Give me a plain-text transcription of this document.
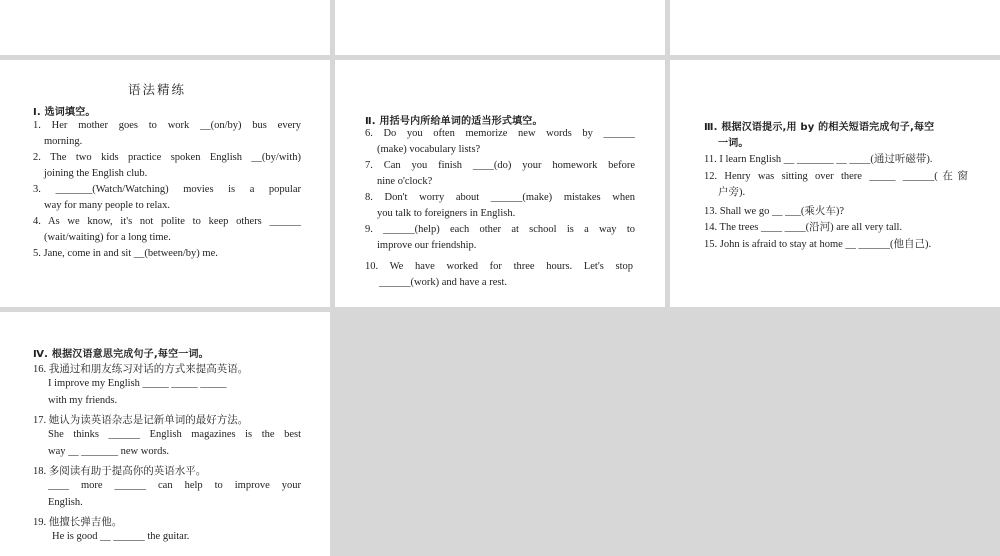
语法精练
Ⅰ. 选词填空。
1. Her mother goes to work __(on/by) bus every
morning.
2. The two kids practice spoken English __(by/with)
joining the English club.
3. _______(Watch/Watching) movies is a popular
way for many people to relax.
4. As we know, it's not polite to keep others ______
(wait/waiting) for a long time.
5. Jane, come in and sit __(between/by) me.
Ⅱ. 用括号内所给单词的适当形式填空。
6. Do you often memorize new words by ______
(make) vocabulary lists?
7. Can you finish ____(do) your homework before
nine o'clock?
8. Don't worry about ______(make) mistakes when
you talk to foreigners in English.
9. ______(help) each other at school is a way to
improve our friendship.
10. We have worked for three hours. Let's stop
______(work) and have a rest.
Ⅲ. 根据汉语提示,用 by 的相关短语完成句子,每空
一词。
11. I learn English __ _______ __ ____(通过听磁带).
12. Henry was sitting over there _____ ______(在窗
户旁).
13. Shall we go __ ___(乘火车)?
14. The trees ____ ____(沿河) are all very tall.
15. John is afraid to stay at home __ ______(他自己).
Ⅳ. 根据汉语意思完成句子,每空一词。
16. 我通过和朋友练习对话的方式来提高英语。
I improve my English _____ _____ _____
with my friends.
17. 她认为读英语杂志是记新单词的最好方法。
She thinks ______ English magazines is the best
way __ _______ new words.
18. 多阅读有助于提高你的英语水平。
____ more ______ can help to improve your
English.
19. 他擅长弹吉他。
He is good __ ______ the guitar.
